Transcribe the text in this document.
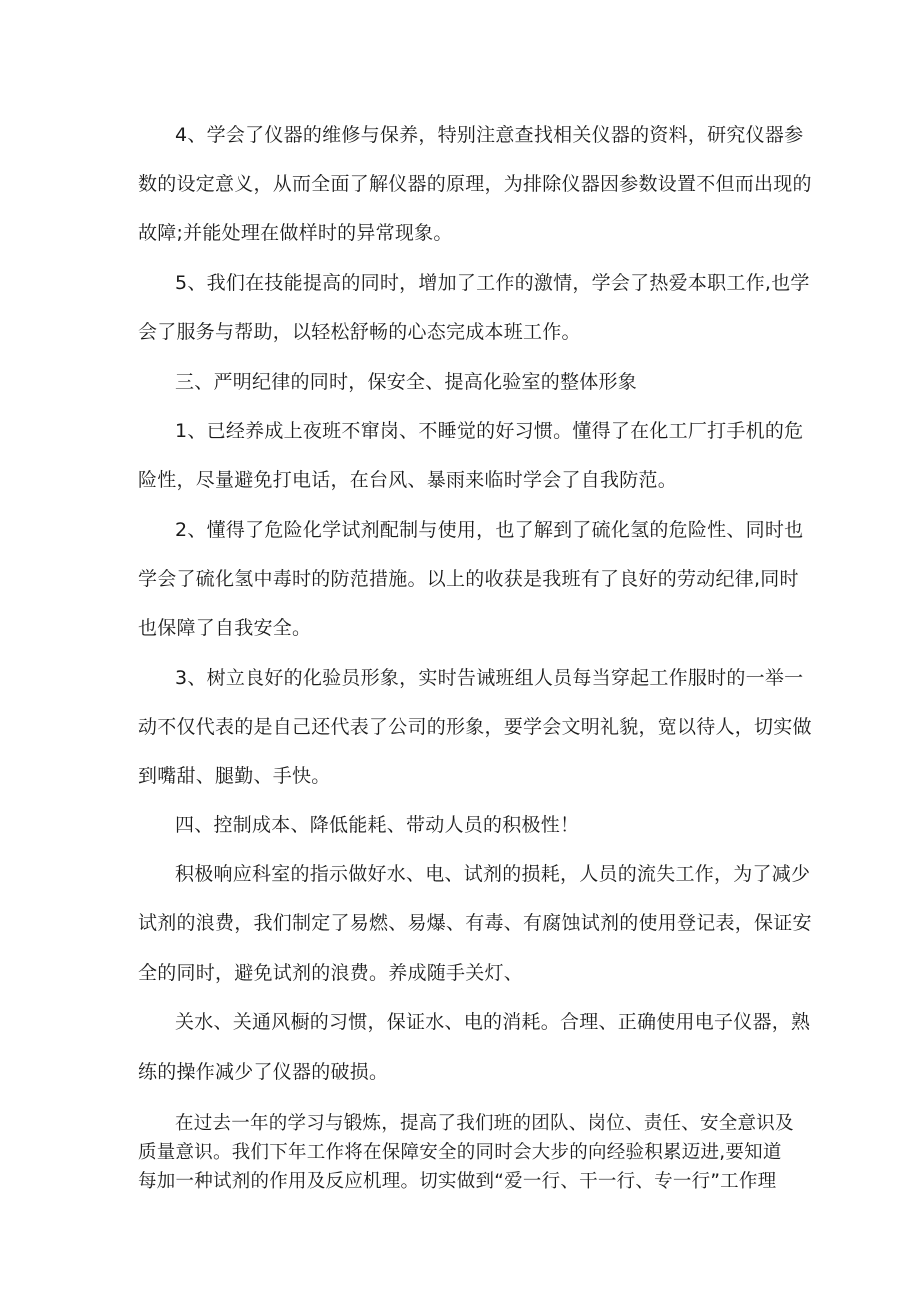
4、学会了仪器的维修与保养，特别注意查找相关仪器的资料，研究仪器参
数的设定意义，从而全面了解仪器的原理，为排除仪器因参数设置不但而出现的
故障;并能处理在做样时的异常现象。
5、我们在技能提高的同时，增加了工作的激情，学会了热爱本职工作,也学
会了服务与帮助，以轻松舒畅的心态完成本班工作。
三、严明纪律的同时，保安全、提高化验室的整体形象
1、已经养成上夜班不窜岗、不睡觉的好习惯。懂得了在化工厂打手机的危
险性，尽量避免打电话，在台风、暴雨来临时学会了自我防范。
2、懂得了危险化学试剂配制与使用，也了解到了硫化氢的危险性、同时也
学会了硫化氢中毒时的防范措施。以上的收获是我班有了良好的劳动纪律,同时
也保障了自我安全。
3、树立良好的化验员形象，实时告诫班组人员每当穿起工作服时的一举一
动不仅代表的是自己还代表了公司的形象，要学会文明礼貌，宽以待人，切实做
到嘴甜、腿勤、手快。
四、控制成本、降低能耗、带动人员的积极性！
积极响应科室的指示做好水、电、试剂的损耗，人员的流失工作，为了减少
试剂的浪费，我们制定了易燃、易爆、有毒、有腐蚀试剂的使用登记表，保证安
全的同时，避免试剂的浪费。养成随手关灯、
关水、关通风橱的习惯，保证水、电的消耗。合理、正确使用电子仪器，熟
练的操作减少了仪器的破损。
在过去一年的学习与锻炼，提高了我们班的团队、岗位、责任、安全意识及
质量意识。我们下年工作将在保障安全的同时会大步的向经验积累迈进,要知道
每加一种试剂的作用及反应机理。切实做到“爱一行、干一行、专一行”工作理
